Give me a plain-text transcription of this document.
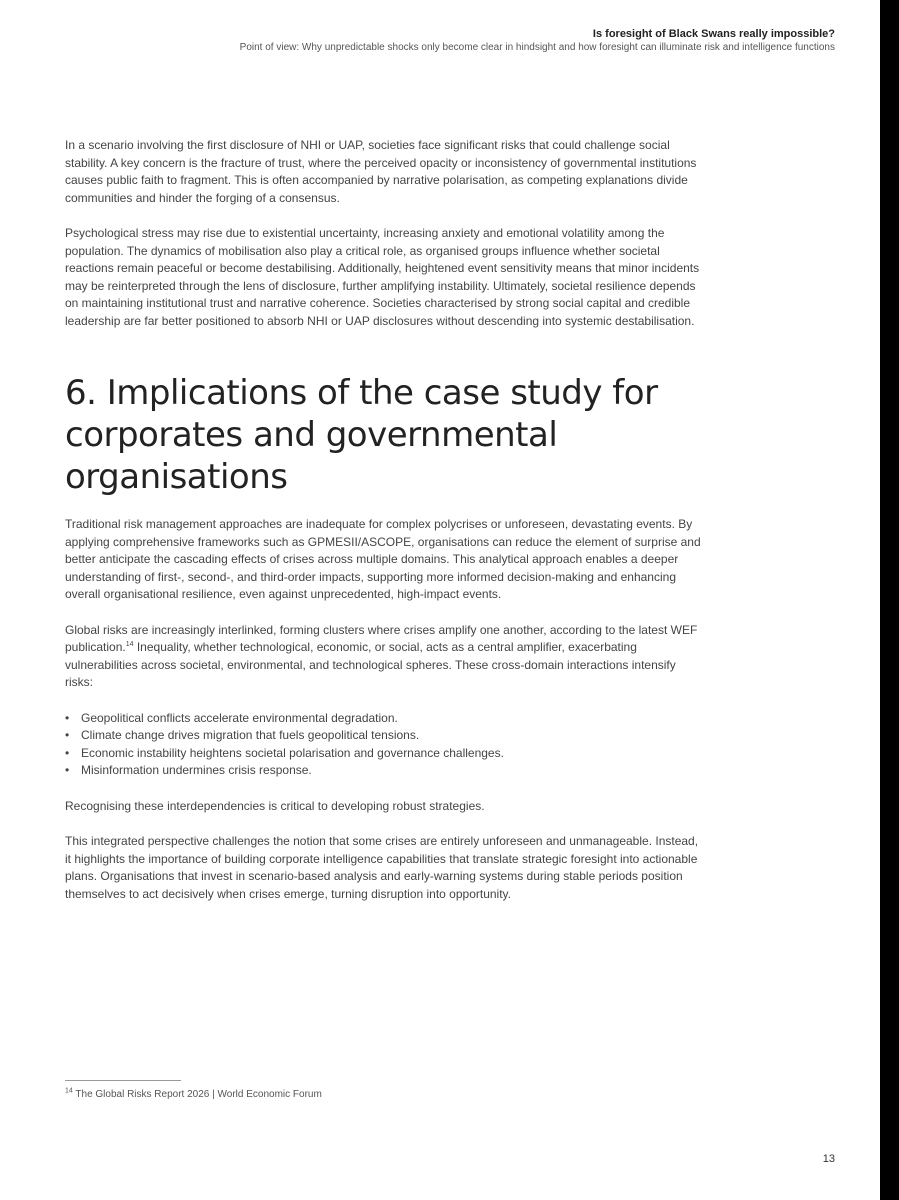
Is foresight of Black Swans really impossible?
Point of view: Why unpredictable shocks only become clear in hindsight and how foresight can illuminate risk and intelligence functions

In a scenario involving the first disclosure of NHI or UAP, societies face significant risks that could challenge social stability. A key concern is the fracture of trust, where the perceived opacity or inconsistency of governmental institutions causes public faith to fragment. This is often accompanied by narrative polarisation, as competing explanations divide communities and hinder the forging of a consensus.

Psychological stress may rise due to existential uncertainty, increasing anxiety and emotional volatility among the population. The dynamics of mobilisation also play a critical role, as organised groups influence whether societal reactions remain peaceful or become destabilising. Additionally, heightened event sensitivity means that minor incidents may be reinterpreted through the lens of disclosure, further amplifying instability. Ultimately, societal resilience depends on maintaining institutional trust and narrative coherence. Societies characterised by strong social capital and credible leadership are far better positioned to absorb NHI or UAP disclosures without descending into systemic destabilisation.

6. Implications of the case study for corporates and governmental organisations

Traditional risk management approaches are inadequate for complex polycrises or unforeseen, devastating events. By applying comprehensive frameworks such as GPMESII/ASCOPE, organisations can reduce the element of surprise and better anticipate the cascading effects of crises across multiple domains. This analytical approach enables a deeper understanding of first-, second-, and third-order impacts, supporting more informed decision-making and enhancing overall organisational resilience, even against unprecedented, high-impact events.

Global risks are increasingly interlinked, forming clusters where crises amplify one another, according to the latest WEF publication.$^{14}$ Inequality, whether technological, economic, or social, acts as a central amplifier, exacerbating vulnerabilities across societal, environmental, and technological spheres. These cross-domain interactions intensify risks:

• Geopolitical conflicts accelerate environmental degradation.
• Climate change drives migration that fuels geopolitical tensions.
• Economic instability heightens societal polarisation and governance challenges.
• Misinformation undermines crisis response.

Recognising these interdependencies is critical to developing robust strategies.

This integrated perspective challenges the notion that some crises are entirely unforeseen and unmanageable. Instead, it highlights the importance of building corporate intelligence capabilities that translate strategic foresight into actionable plans. Organisations that invest in scenario-based analysis and early-warning systems during stable periods position themselves to act decisively when crises emerge, turning disruption into opportunity.

$^{14}$ The Global Risks Report 2026 | World Economic Forum
13
